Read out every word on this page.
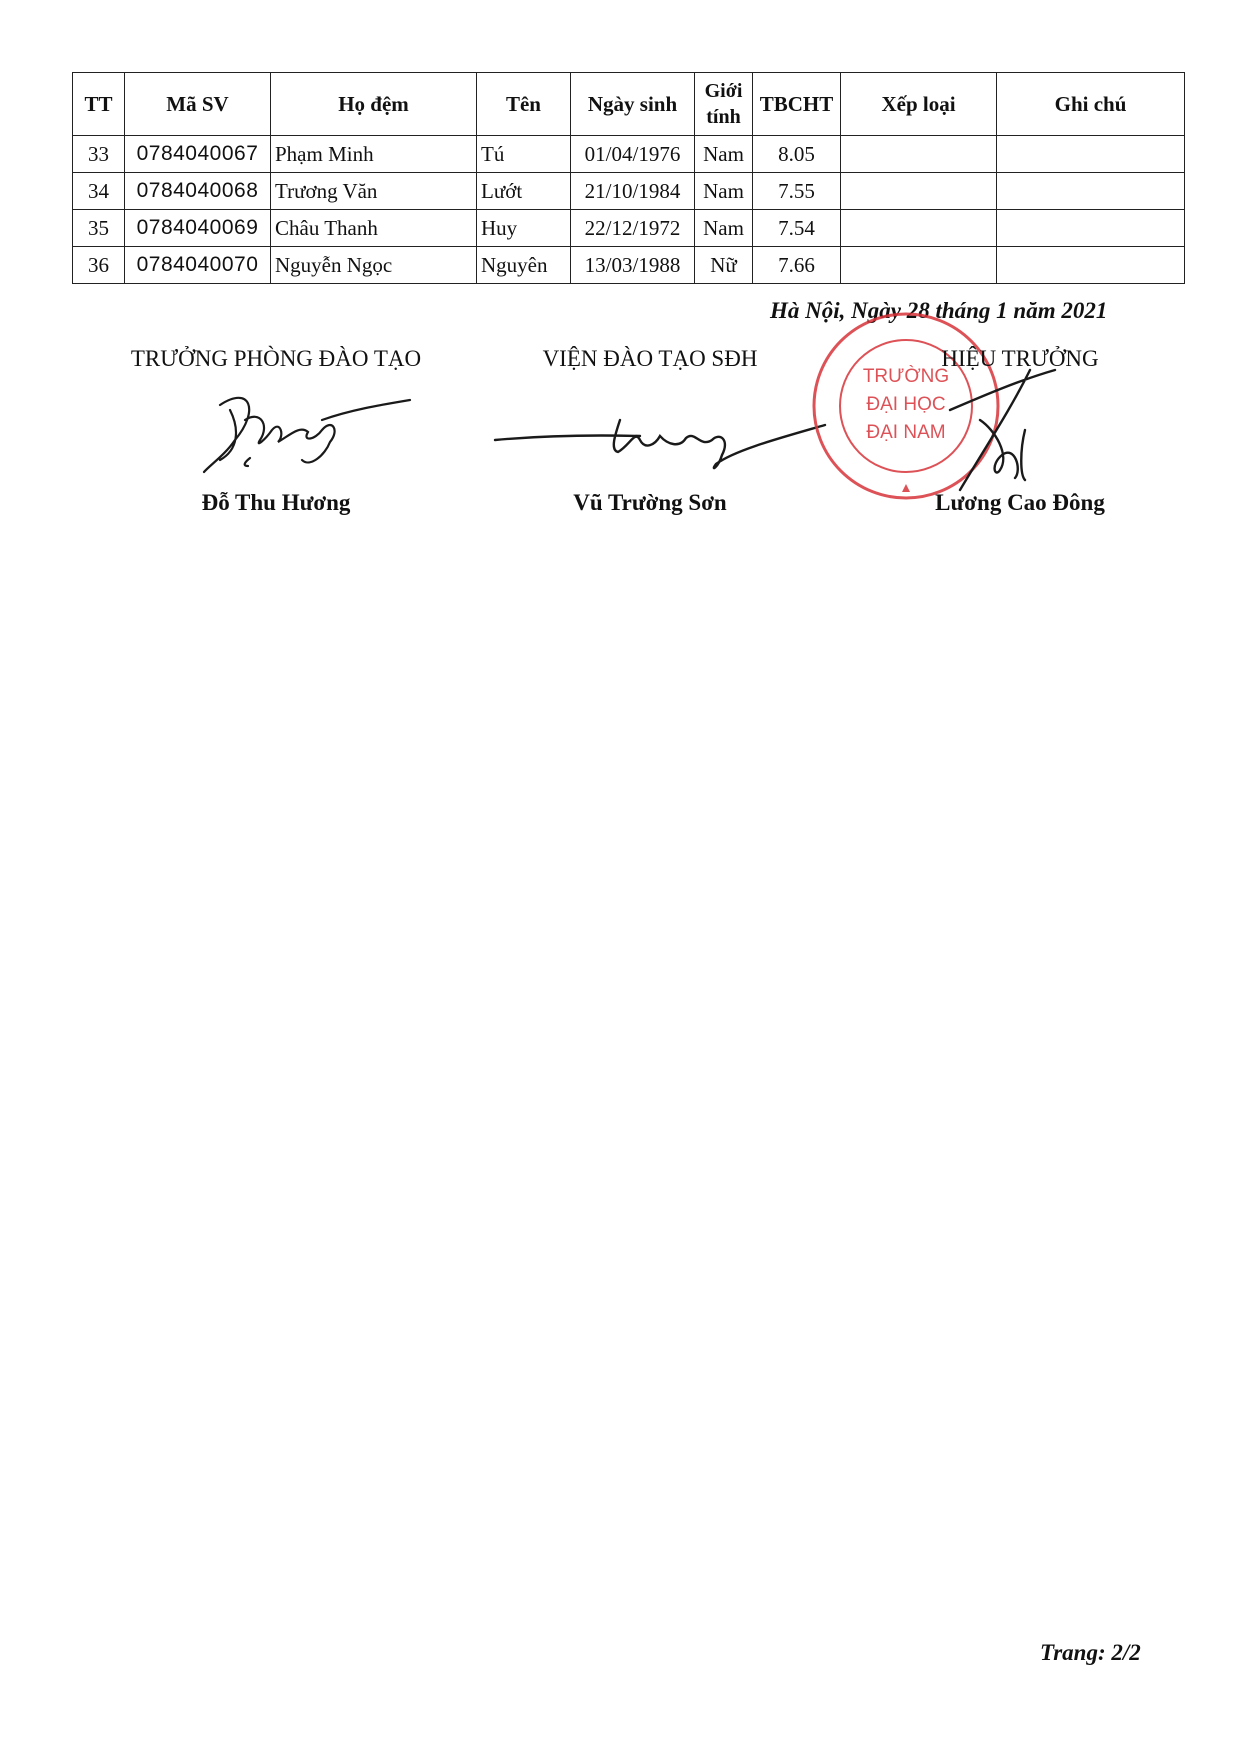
TT	Mã SV	Họ đệm	Tên	Ngày sinh	Giới tính	TBCHT	Xếp loại	Ghi chú
33	0784040067	Phạm Minh	Tú	01/04/1976	Nam	8.05		
34	0784040068	Trương Văn	Lướt	21/10/1984	Nam	7.55		
35	0784040069	Châu Thanh	Huy	22/12/1972	Nam	7.54		
36	0784040070	Nguyễn Ngọc	Nguyên	13/03/1988	Nữ	7.66		
Hà Nội, Ngày 28 tháng 1 năm 2021
TRƯỞNG PHÒNG ĐÀO TẠO
Đỗ Thu Hương
VIỆN ĐÀO TẠO SĐH
Vũ Trường Sơn
TRƯỜNG
ĐẠI HỌC
ĐẠI NAM
HIỆU TRƯỞNG
Lương Cao Đông
Trang: 2/2
